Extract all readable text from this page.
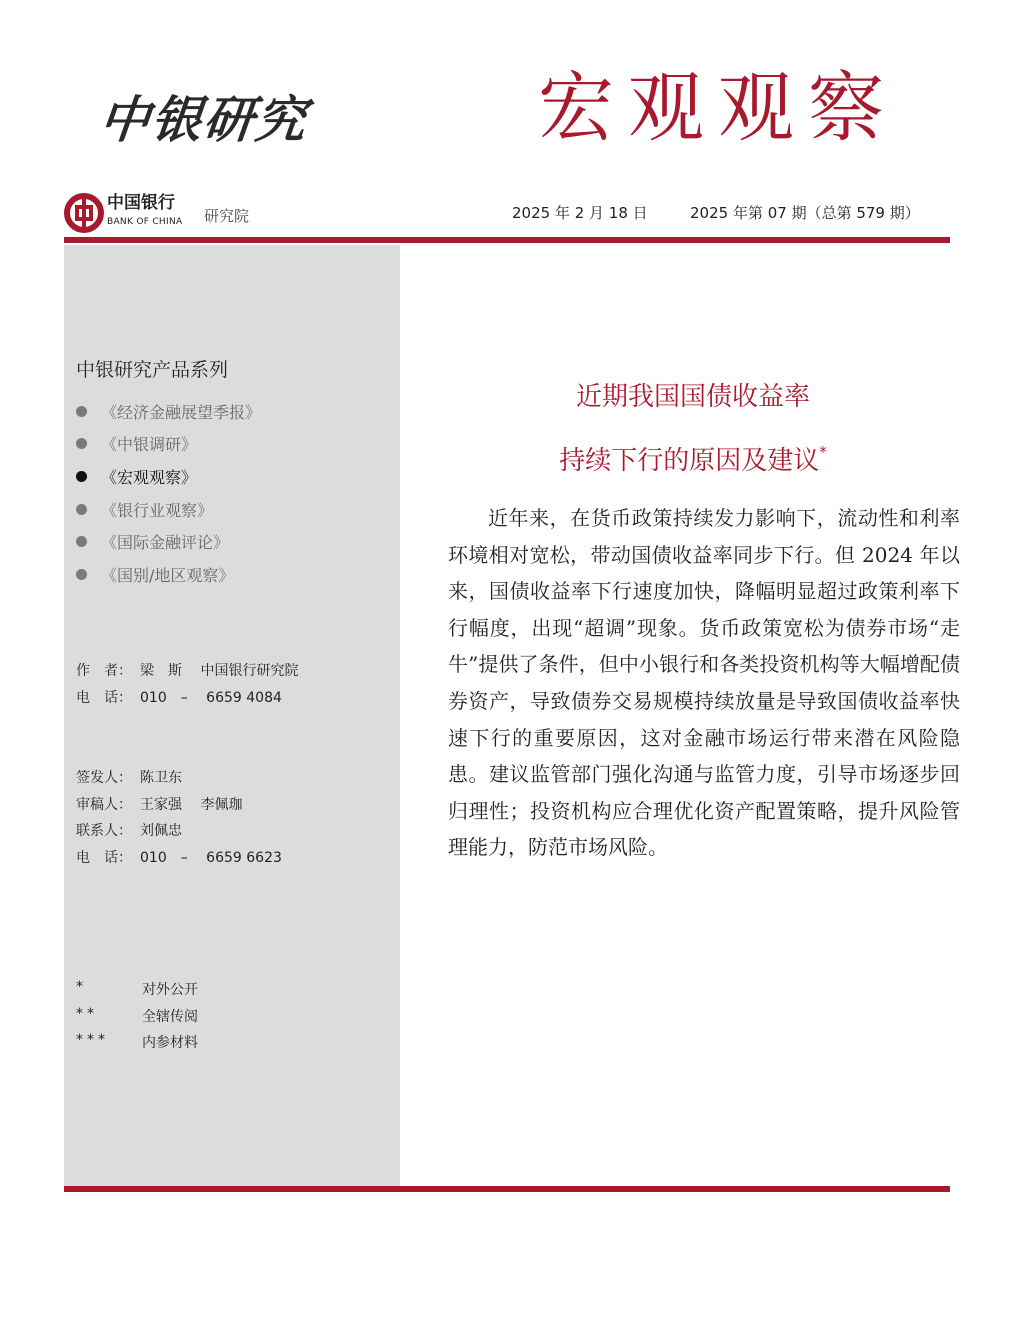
中银研究	宏观观察
中国银行
BANK OF CHINA 研究院	2025 年 2 月 18 日	2025 年第 07 期（总第 579 期）
中银研究产品系列
《经济金融展望季报》
《中银调研》
《宏观观察》
《银行业观察》
《国际金融评论》
《国别/地区观察》
作　者： 梁　斯　 中国银行研究院
电　话： 010　–　 6659 4084
签发人： 陈卫东
审稿人： 王家强　 李佩珈
联系人： 刘佩忠
电　话： 010　–　 6659 6623
*	对外公开
**	全辖传阅
***	内参材料
近期我国国债收益率
持续下行的原因及建议*

近年来，在货币政策持续发力影响下，流动性和利率环境相对宽松，带动国债收益率同步下行。但 2024 年以来，国债收益率下行速度加快，降幅明显超过政策利率下行幅度，出现“超调”现象。货币政策宽松为债券市场“走牛”提供了条件，但中小银行和各类投资机构等大幅增配债券资产，导致债券交易规模持续放量是导致国债收益率快速下行的重要原因，这对金融市场运行带来潜在风险隐患。建议监管部门强化沟通与监管力度，引导市场逐步回归理性；投资机构应合理优化资产配置策略，提升风险管理能力，防范市场风险。
